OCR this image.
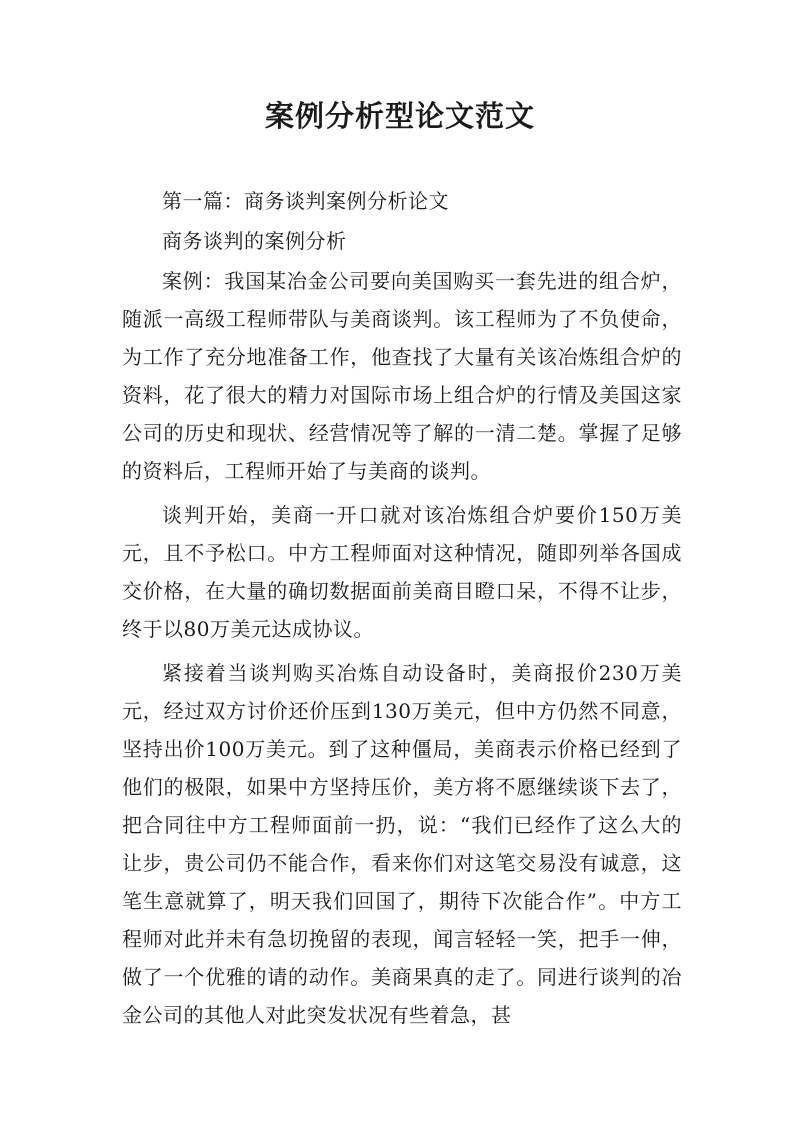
案例分析型论文范文

第一篇：商务谈判案例分析论文

商务谈判的案例分析

案例：我国某冶金公司要向美国购买一套先进的组合炉，随派一高级工程师带队与美商谈判。该工程师为了不负使命，为工作了充分地准备工作，他查找了大量有关该冶炼组合炉的资料，花了很大的精力对国际市场上组合炉的行情及美国这家公司的历史和现状、经营情况等了解的一清二楚。掌握了足够的资料后，工程师开始了与美商的谈判。

谈判开始，美商一开口就对该冶炼组合炉要价150万美元，且不予松口。中方工程师面对这种情况，随即列举各国成交价格，在大量的确切数据面前美商目瞪口呆，不得不让步，终于以80万美元达成协议。

紧接着当谈判购买冶炼自动设备时，美商报价230万美元，经过双方讨价还价压到130万美元，但中方仍然不同意，坚持出价100万美元。到了这种僵局，美商表示价格已经到了他们的极限，如果中方坚持压价，美方将不愿继续谈下去了，把合同往中方工程师面前一扔，说：“我们已经作了这么大的让步，贵公司仍不能合作，看来你们对这笔交易没有诚意，这笔生意就算了，明天我们回国了，期待下次能合作”。中方工程师对此并未有急切挽留的表现，闻言轻轻一笑，把手一伸，做了一个优雅的请的动作。美商果真的走了。同进行谈判的冶金公司的其他人对此突发状况有些着急，甚
